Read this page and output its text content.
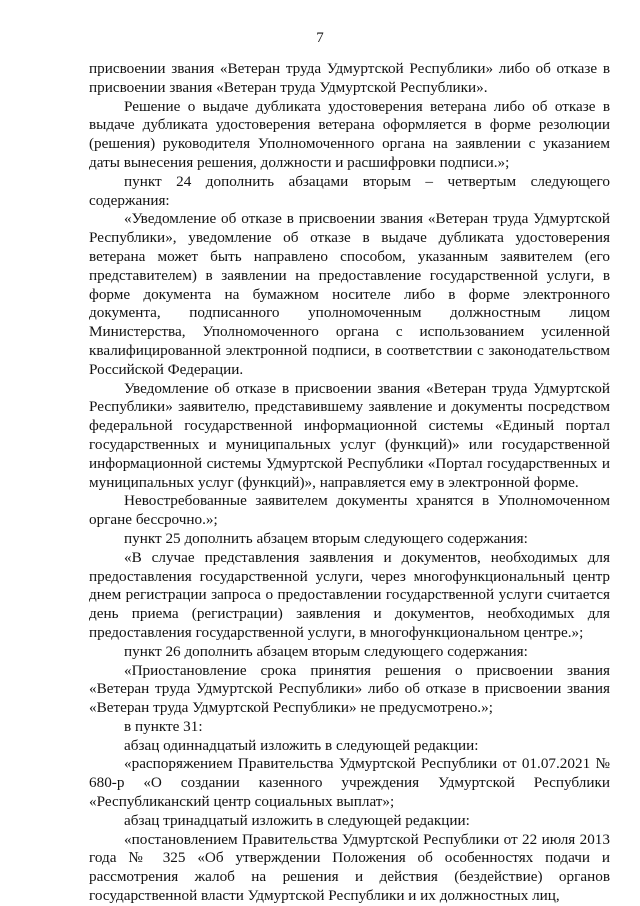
7

присвоении звания «Ветеран труда Удмуртской Республики» либо об отказе в присвоении звания «Ветеран труда Удмуртской Республики».

Решение о выдаче дубликата удостоверения ветерана либо об отказе в выдаче дубликата удостоверения ветерана оформляется в форме резолюции (решения) руководителя Уполномоченного органа на заявлении с указанием даты вынесения решения, должности и расшифровки подписи.»;

пункт 24 дополнить абзацами вторым – четвертым следующего содержания:

«Уведомление об отказе в присвоении звания «Ветеран труда Удмуртской Республики», уведомление об отказе в выдаче дубликата удостоверения ветерана может быть направлено способом, указанным заявителем (его представителем) в заявлении на предоставление государственной услуги, в форме документа на бумажном носителе либо в форме электронного документа, подписанного уполномоченным должностным лицом Министерства, Уполномоченного органа с использованием усиленной квалифицированной электронной подписи, в соответствии с законодательством Российской Федерации.

Уведомление об отказе в присвоении звания «Ветеран труда Удмуртской Республики» заявителю, представившему заявление и документы посредством федеральной государственной информационной системы «Единый портал государственных и муниципальных услуг (функций)» или государственной информационной системы Удмуртской Республики «Портал государственных и муниципальных услуг (функций)», направляется ему в электронной форме.

Невостребованные заявителем документы хранятся в Уполномоченном органе бессрочно.»;

пункт 25 дополнить абзацем вторым следующего содержания:

«В случае представления заявления и документов, необходимых для предоставления государственной услуги, через многофункциональный центр днем регистрации запроса о предоставлении государственной услуги считается день приема (регистрации) заявления и документов, необходимых для предоставления государственной услуги, в многофункциональном центре.»;

пункт 26 дополнить абзацем вторым следующего содержания:

«Приостановление срока принятия решения о присвоении звания «Ветеран труда Удмуртской Республики» либо об отказе в присвоении звания «Ветеран труда Удмуртской Республики» не предусмотрено.»;

в пункте 31:

абзац одиннадцатый изложить в следующей редакции:

«распоряжением Правительства Удмуртской Республики от 01.07.2021 № 680-р «О создании казенного учреждения Удмуртской Республики «Республиканский центр социальных выплат»;

абзац тринадцатый изложить в следующей редакции:

«постановлением Правительства Удмуртской Республики от 22 июля 2013 года № 325 «Об утверждении Положения об особенностях подачи и рассмотрения жалоб на решения и действия (бездействие) органов государственной власти Удмуртской Республики и их должностных лиц,
